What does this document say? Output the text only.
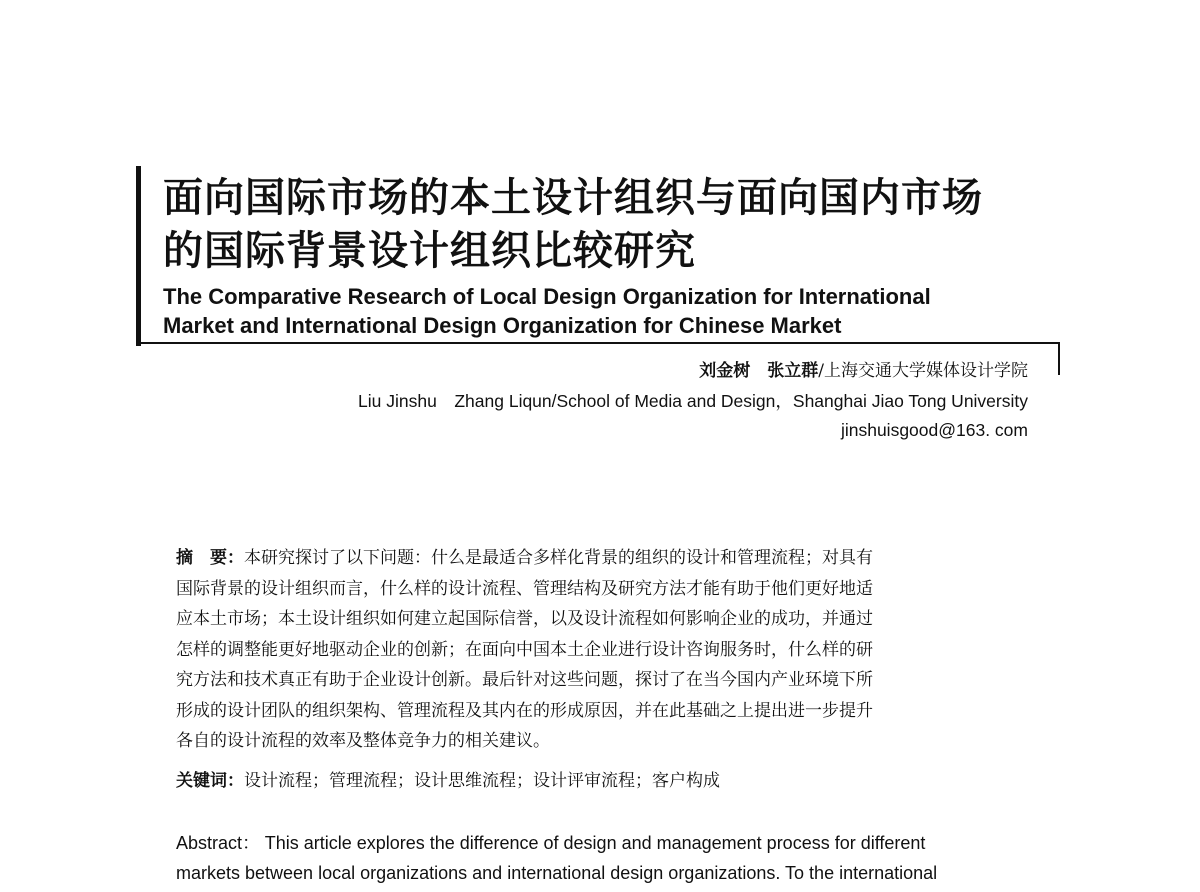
面向国际市场的本土设计组织与面向国内市场
的国际背景设计组织比较研究
The Comparative Research of Local Design Organization for International
Market and International Design Organization for Chinese Market
刘金树　张立群/上海交通大学媒体设计学院
Liu Jinshu　Zhang Liqun/School of Media and Design，Shanghai Jiao Tong University
jinshuisgood@163. com

摘　要：本研究探讨了以下问题：什么是最适合多样化背景的组织的设计和管理流程；对具有
国际背景的设计组织而言，什么样的设计流程、管理结构及研究方法才能有助于他们更好地适
应本土市场；本土设计组织如何建立起国际信誉，以及设计流程如何影响企业的成功，并通过
怎样的调整能更好地驱动企业的创新；在面向中国本土企业进行设计咨询服务时，什么样的研
究方法和技术真正有助于企业设计创新。最后针对这些问题，探讨了在当今国内产业环境下所
形成的设计团队的组织架构、管理流程及其内在的形成原因，并在此基础之上提出进一步提升
各自的设计流程的效率及整体竞争力的相关建议。

关键词：设计流程；管理流程；设计思维流程；设计评审流程；客户构成

Abstract： This article explores the difference of design and management process for different
markets between local organizations and international design organizations. To the international
